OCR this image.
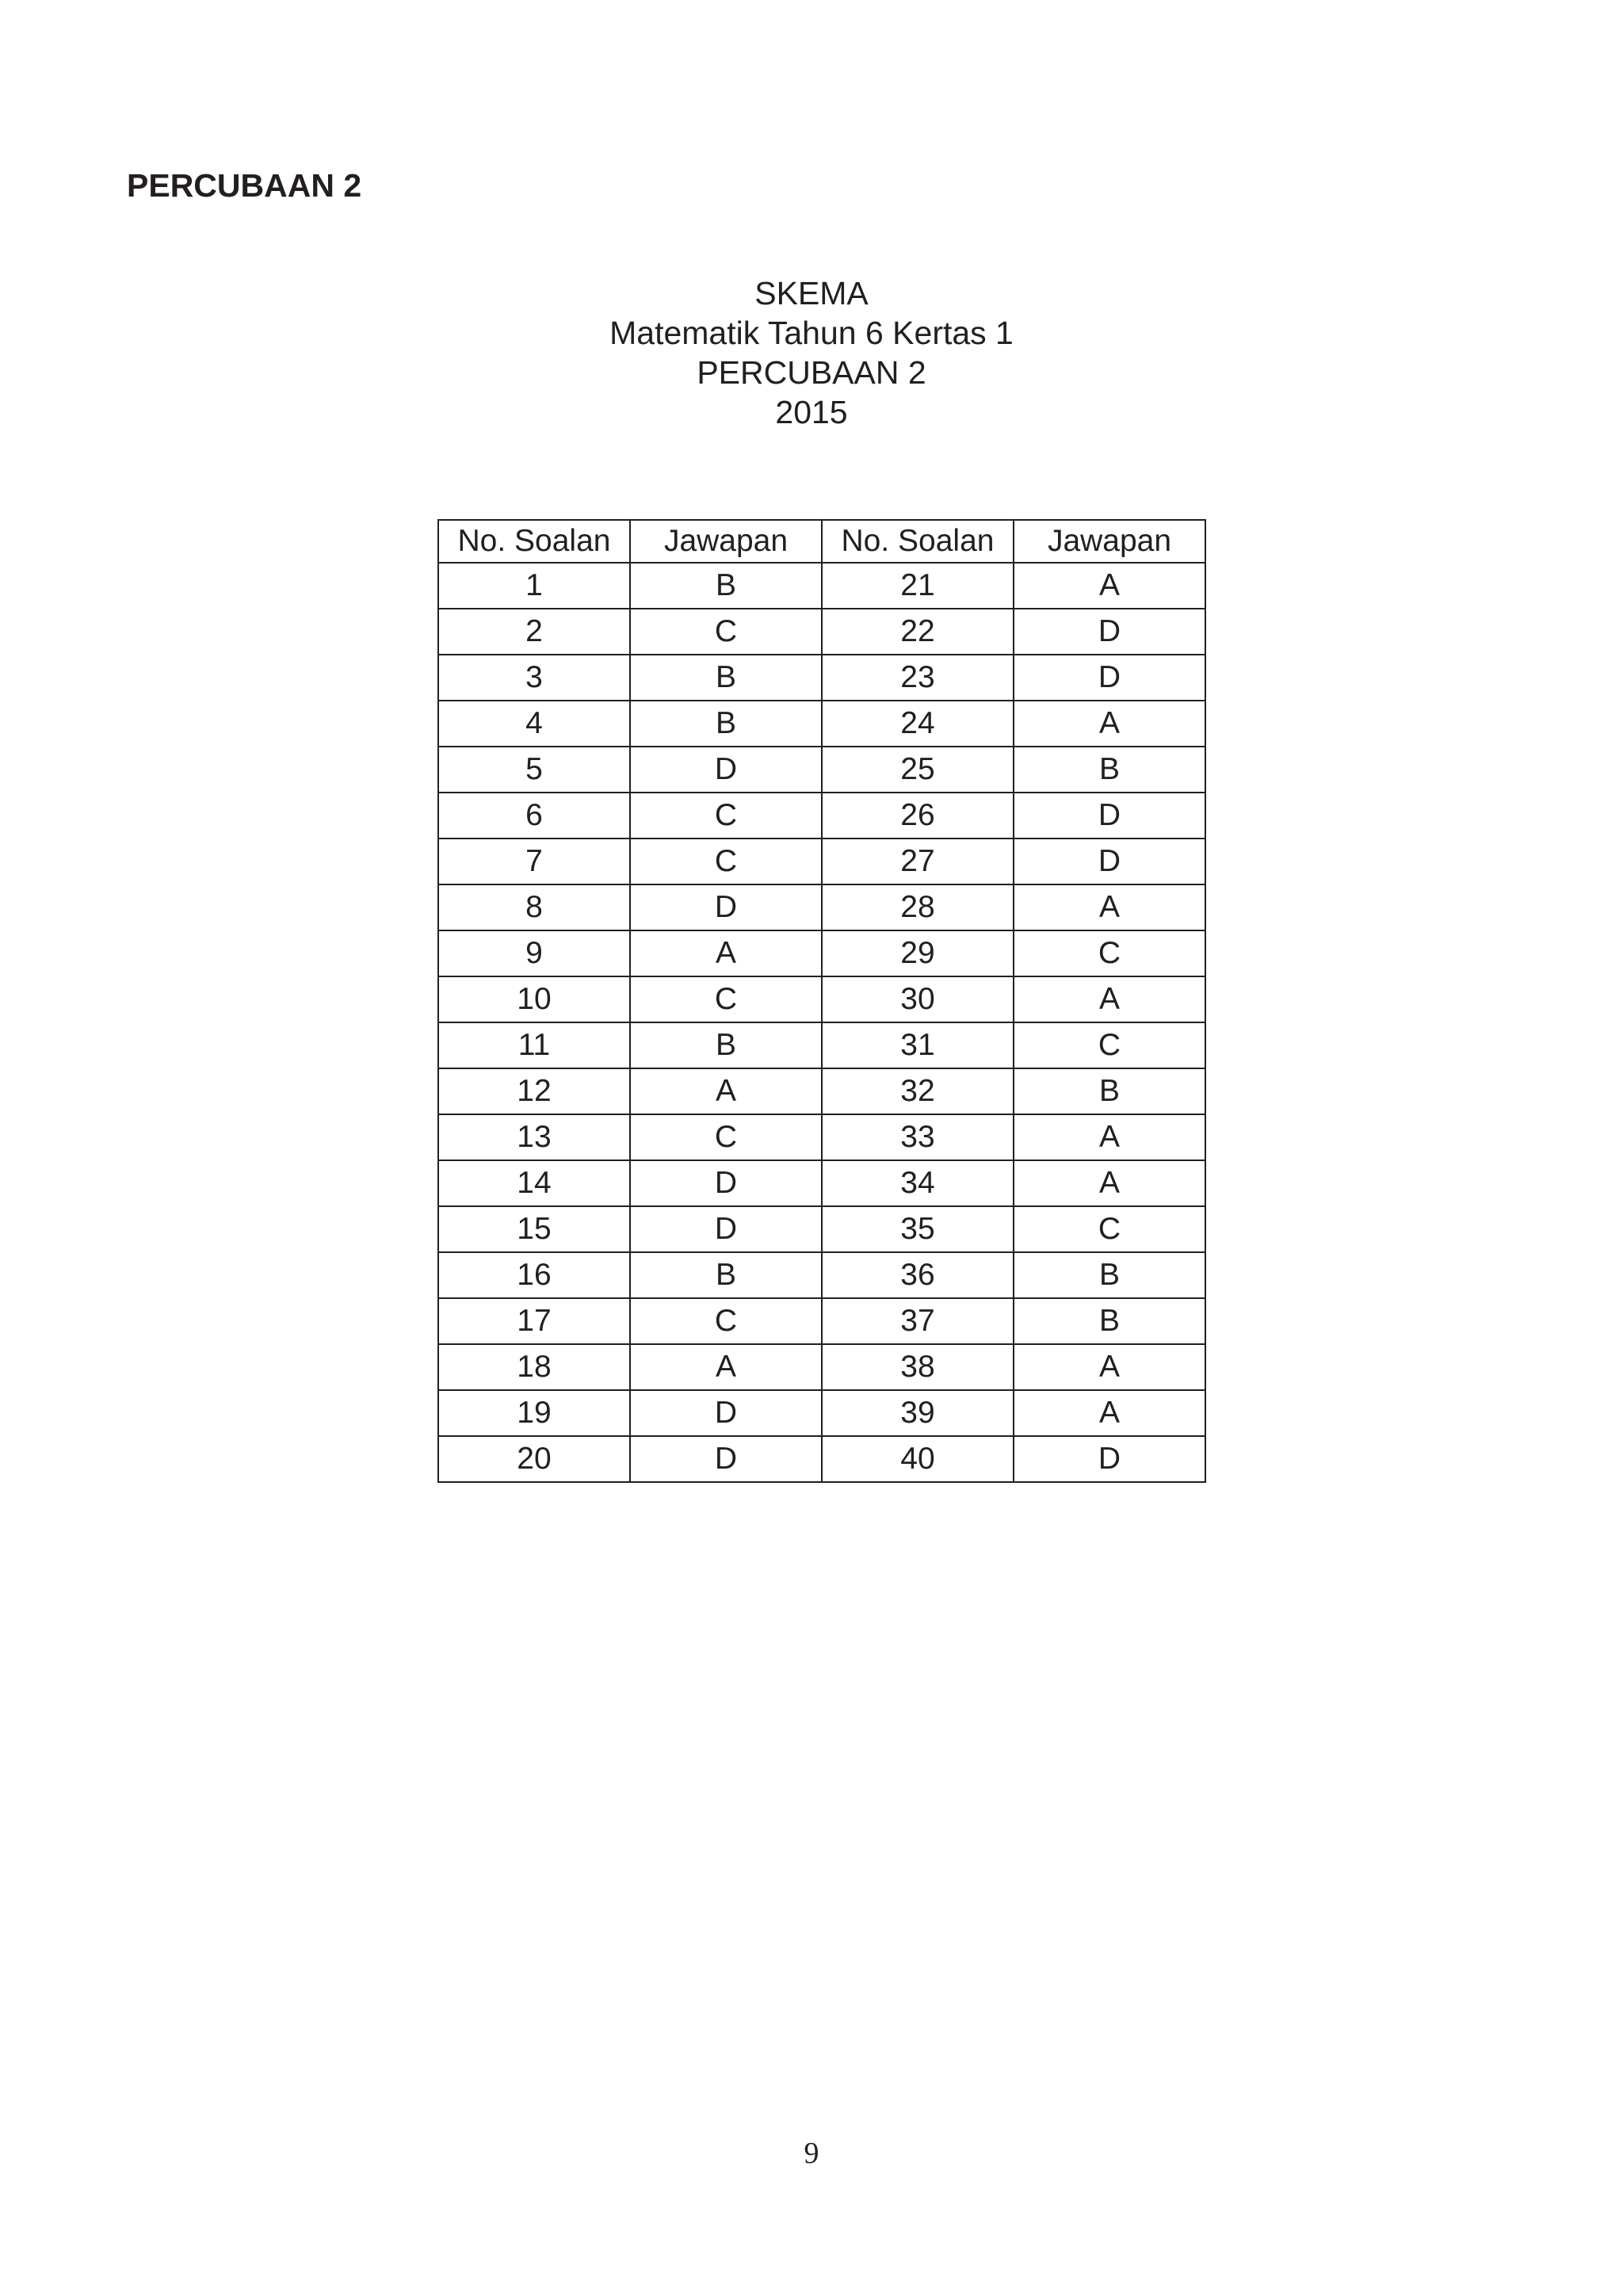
PERCUBAAN 2
SKEMA
Matematik Tahun 6 Kertas 1
PERCUBAAN 2
2015
No. Soalan	Jawapan	No. Soalan	Jawapan
1	B	21	A
2	C	22	D
3	B	23	D
4	B	24	A
5	D	25	B
6	C	26	D
7	C	27	D
8	D	28	A
9	A	29	C
10	C	30	A
11	B	31	C
12	A	32	B
13	C	33	A
14	D	34	A
15	D	35	C
16	B	36	B
17	C	37	B
18	A	38	A
19	D	39	A
20	D	40	D
9
